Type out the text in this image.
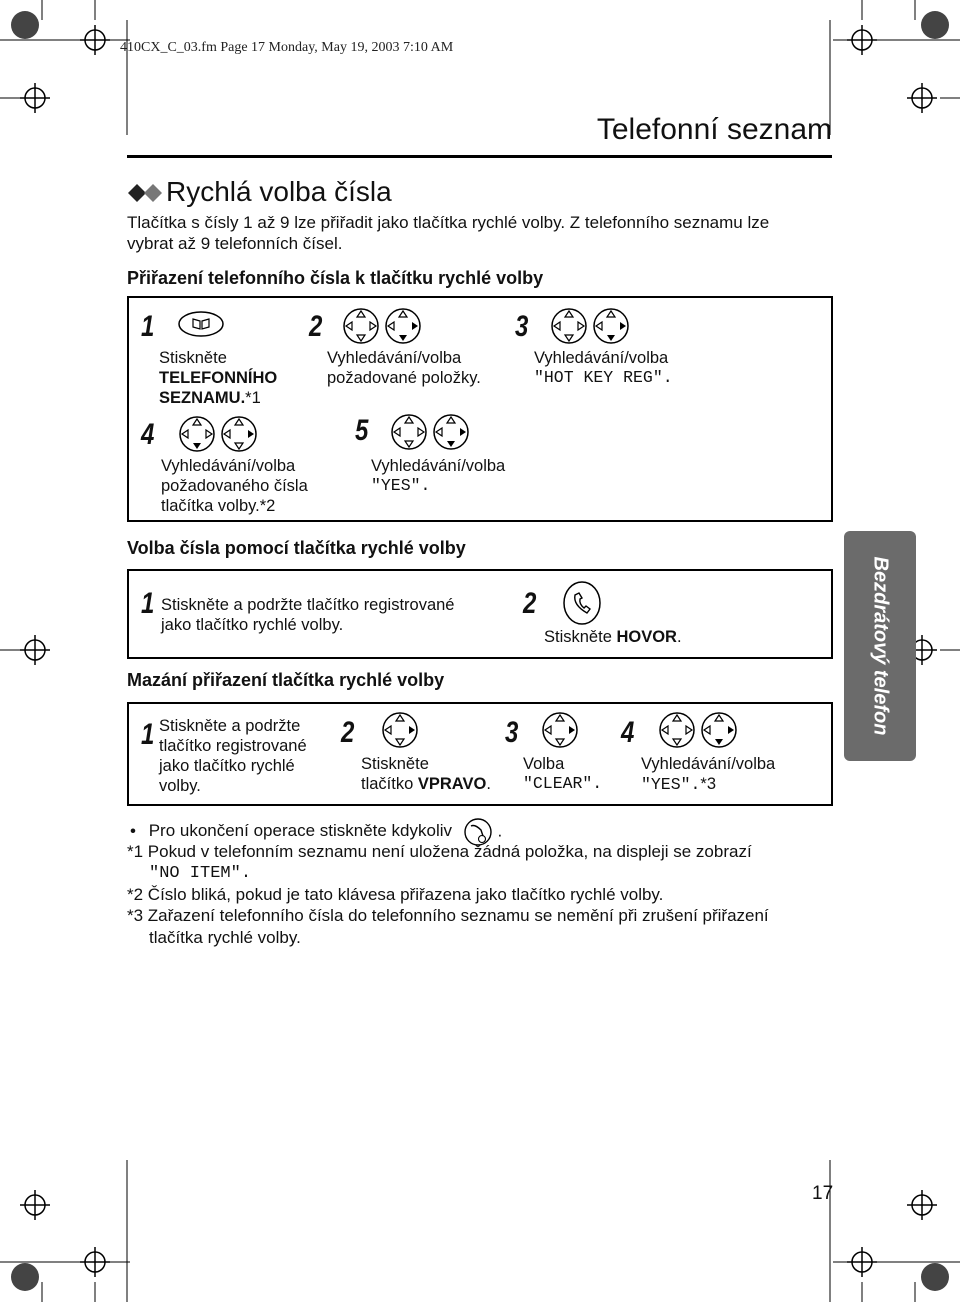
410CX_C_03.fm Page 17 Monday, May 19, 2003 7:10 AM
Telefonní seznam
Rychlá volba čísla
Tlačítka s čísly 1 až 9 lze přiřadit jako tlačítka rychlé volby. Z telefonního seznamu lze
vybrat až 9 telefonních čísel.
Přiřazení telefonního čísla k tlačítku rychlé volby
1
Stiskněte
TELEFONNÍHO
SEZNAMU.*1
2
Vyhledávání/volba
požadované položky.
3
Vyhledávání/volba
"HOT KEY REG".
4
Vyhledávání/volba
požadovaného čísla
tlačítka volby.*2
5
Vyhledávání/volba
"YES".
Volba čísla pomocí tlačítka rychlé volby
1 Stiskněte a podržte tlačítko registrované
jako tlačítko rychlé volby.
2
Stiskněte HOVOR.
Mazání přiřazení tlačítka rychlé volby
1 Stiskněte a podržte
tlačítko registrované
jako tlačítko rychlé
volby.
2
Stiskněte
tlačítko VPRAVO.
3
Volba
"CLEAR".
4
Vyhledávání/volba
"YES".*3
Bezdrátový telefon
• Pro ukončení operace stiskněte kdykoliv	.
*1 Pokud v telefonním seznamu není uložena žádná položka, na displeji se zobrazí
"NO ITEM".
*2 Číslo bliká, pokud je tato klávesa přiřazena jako tlačítko rychlé volby.
*3 Zařazení telefonního čísla do telefonního seznamu se nemění při zrušení přiřazení
tlačítka rychlé volby.
17
